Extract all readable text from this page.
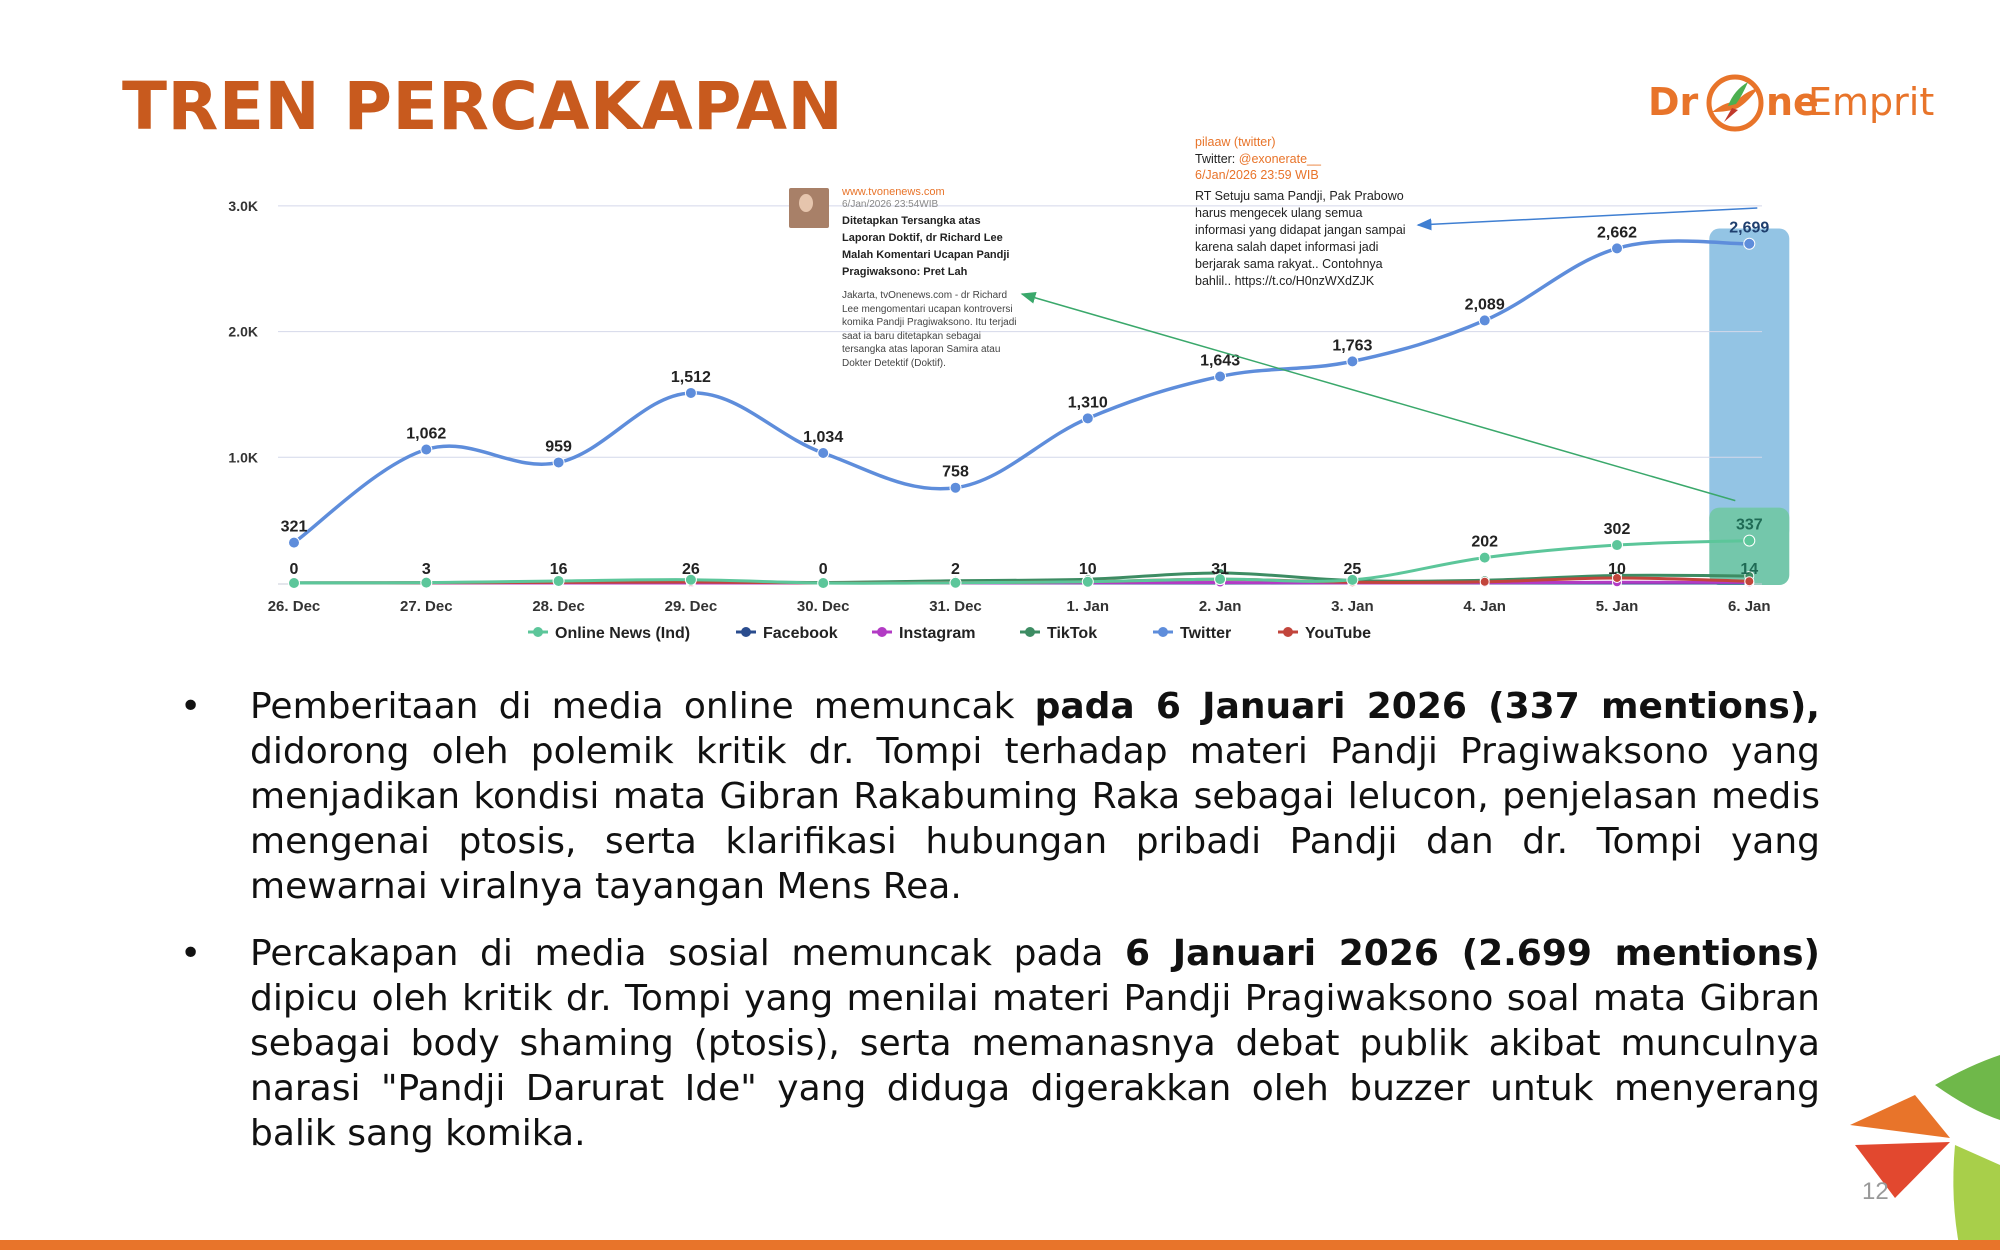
TREN PERCAKAPAN	Dr ne
Emprit
1.0K
2.0K
3.0K
26. Dec	27. Dec	28. Dec	29. Dec	30. Dec	31. Dec	1. Jan	2. Jan	3. Jan	4. Jan	5. Jan	6. Jan
321
1,062
959
1,512
1,034
758
1,310
1,643
1,763
2,089
2,662	2,699
0	3	16	26	0	2	10	31	25
202
302	337
10	14
Online News (Ind)	Facebook	Instagram	TikTok	Twitter	YouTube
www.tvonenews.com
6/Jan/2026 23:54WIB
Ditetapkan Tersangka atas Laporan Doktif, dr Richard Lee Malah Komentari Ucapan Pandji Pragiwaksono: Pret Lah
Jakarta, tvOnenews.com - dr Richard Lee mengomentari ucapan kontroversi komika Pandji Pragiwaksono. Itu terjadi saat ia baru ditetapkan sebagai tersangka atas laporan Samira atau Dokter Detektif (Doktif).
pilaaw (twitter)
Twitter: @exonerate__
6/Jan/2026 23:59 WIB
RT Setuju sama Pandji, Pak Prabowo harus mengecek ulang semua informasi yang didapat jangan sampai karena salah dapet informasi jadi berjarak sama rakyat.. Contohnya bahlil.. https://t.co/H0nzWXdZJK
• Pemberitaan di media online memuncak pada 6 Januari 2026 (337 mentions), didorong oleh polemik kritik dr. Tompi terhadap materi Pandji Pragiwaksono yang menjadikan kondisi mata Gibran Rakabuming Raka sebagai lelucon, penjelasan medis mengenai ptosis, serta klarifikasi hubungan pribadi Pandji dan dr. Tompi yang mewarnai viralnya tayangan Mens Rea.
• Percakapan di media sosial memuncak pada 6 Januari 2026 (2.699 mentions) dipicu oleh kritik dr. Tompi yang menilai materi Pandji Pragiwaksono soal mata Gibran sebagai body shaming (ptosis), serta memanasnya debat publik akibat munculnya narasi "Pandji Darurat Ide" yang diduga digerakkan oleh buzzer untuk menyerang balik sang komika.
12
